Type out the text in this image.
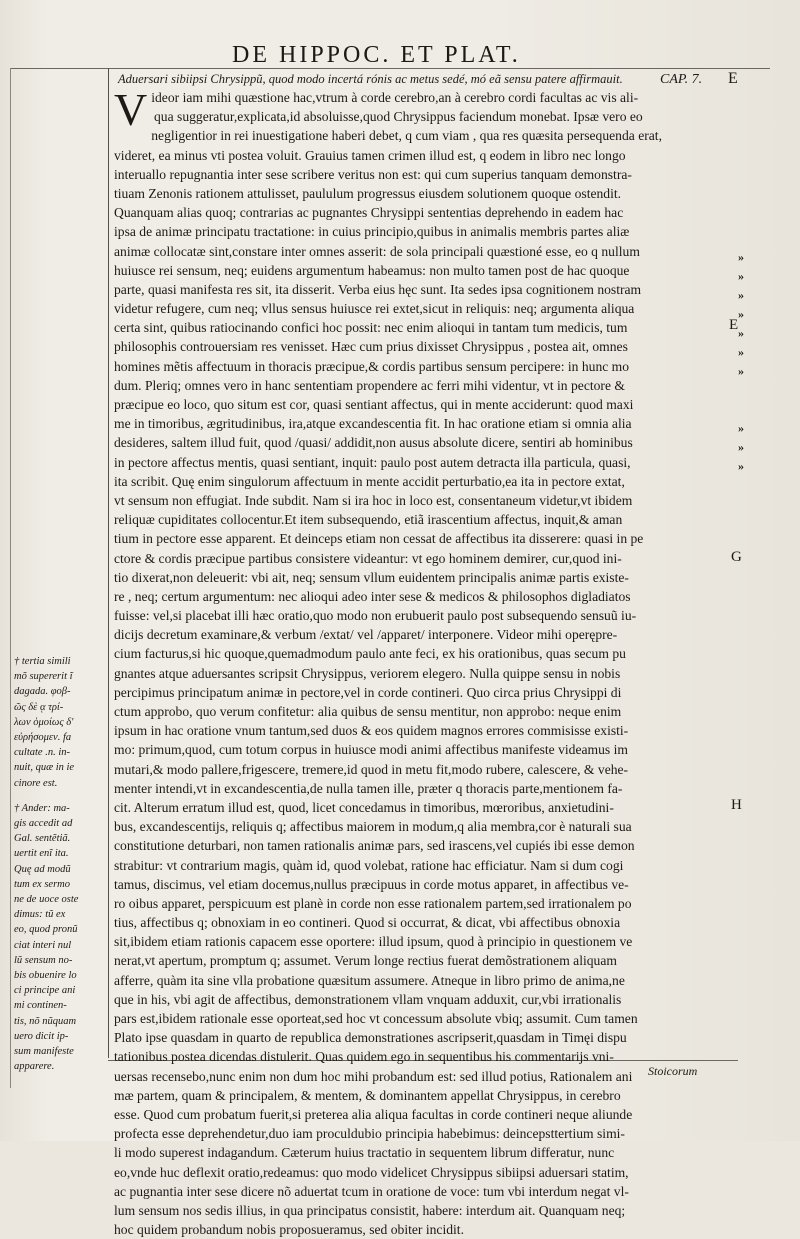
DE HIPPOC. ET PLAT.
Aduersari sibiipsi Chrysippũ, quod modo incertá rónis ac metus sedé, mó eã sensu patere affirmauit.	CAP. 7. E
Videor iam mihi quæstione hac,vtrum à corde cerebro,an à cerebro cordi facultas ac vis ali-
qua suggeratur,explicata,id absoluisse,quod Chrysippus faciendum monebat. Ipsæ vero eo
negligentior in rei inuestigatione haberi debet, q cum viam , qua res quæsita persequenda erat,
videret, ea minus vti postea voluit. Grauius tamen crimen illud est, q eodem in libro nec longo
interuallo repugnantia inter sese scribere veritus non est: qui cum superius tanquam demonstra-
tiuam Zenonis rationem attulisset, paululum progressus eiusdem solutionem quoque ostendit.
Quanquam alias quoq; contrarias ac pugnantes Chrysippi sententias deprehendo in eadem hac
ipsa de animæ principatu tractatione: in cuius principio,quibus in animalis membris partes aliæ
animæ collocatæ sint,constare inter omnes asserit: de sola principali quæstioné esse, eo q nullum
huiusce rei sensum, neq; euidens argumentum habeamus: non multo tamen post de hac quoque
parte, quasi manifesta res sit, ita disserit. Verba eius hęc sunt. Ita sedes ipsa cognitionem nostram
videtur refugere, cum neq; vllus sensus huiusce rei extet,sicut in reliquis: neq; argumenta aliqua
certa sint, quibus ratiocinando confici hoc possit: nec enim alioqui in tantam tum medicis, tum
philosophis controuersiam res venisset. Hæc cum prius dixisset Chrysippus , postea ait, omnes
homines mẽtis affectuum in thoracis præcipue,& cordis partibus sensum percipere: in hunc mo
dum. Pleriq; omnes vero in hanc sententiam propendere ac ferri mihi videntur, vt in pectore &
præcipue eo loco, quo situm est cor, quasi sentiant affectus, qui in mente acciderunt: quod maxi
me in timoribus, ægritudinibus, ira,atque excandescentia fit. In hac oratione etiam si omnia alia
desideres, saltem illud fuit, quod /quasi/ addidit,non ausus absolute dicere, sentiri ab hominibus
in pectore affectus mentis, quasi sentiant, inquit: paulo post autem detracta illa particula, quasi,
ita scribit. Quę enim singulorum affectuum in mente accidit perturbatio,ea ita in pectore extat,
vt sensum non effugiat. Inde subdit. Nam si ira hoc in loco est, consentaneum videtur,vt ibidem
reliquæ cupiditates collocentur.Et item subsequendo, etiã irascentium affectus, inquit,& aman
tium in pectore esse apparent. Et deinceps etiam non cessat de affectibus ita disserere: quasi in pe
ctore & cordis præcipue partibus consistere videantur: vt ego hominem demirer, cur,quod ini-
tio dixerat,non deleuerit: vbi ait, neq; sensum vllum euidentem principalis animæ partis existe-
re , neq; certum argumentum: nec alioqui adeo inter sese & medicos & philosophos digladiatos
fuisse: vel,si placebat illi hæc oratio,quo modo non erubuerit paulo post subsequendo sensuũ iu-
dicijs decretum examinare,& verbum /extat/ vel /apparet/ interponere. Videor mihi operępre-
cium facturus,si hic quoque,quemadmodum paulo ante feci, ex his orationibus, quas secum pu
gnantes atque aduersantes scripsit Chrysippus, veriorem elegero. Nulla quippe sensu in nobis
percipimus principatum animæ in pectore,vel in corde contineri. Quo circa prius Chrysippi di
ctum approbo, quo verum confitetur: alia quibus de sensu mentitur, non approbo: neque enim
ipsum in hac oratione vnum tantum,sed duos & eos quidem magnos errores commisisse existi-
mo: primum,quod, cum totum corpus in huiusce modi animi affectibus manifeste videamus im
mutari,& modo pallere,frigescere, tremere,id quod in metu fit,modo rubere, calescere, & vehe-
menter intendi,vt in excandescentia,de nulla tamen ille, præter q thoracis parte,mentionem fa-
cit. Alterum erratum illud est, quod, licet concedamus in timoribus, mœroribus, anxietudini-
bus, excandescentijs, reliquis q; affectibus maiorem in modum,q alia membra,cor è naturali sua
constitutione deturbari, non tamen rationalis animæ pars, sed irascens,vel cupiés ibi esse demon
strabitur: vt contrarium magis, quàm id, quod volebat, ratione hac efficiatur. Nam si dum cogi
tamus, discimus, vel etiam docemus,nullus præcipuus in corde motus apparet, in affectibus ve-
ro oibus apparet, perspicuum est planè in corde non esse rationalem partem,sed irrationalem po
tius, affectibus q; obnoxiam in eo contineri. Quod si occurrat, & dicat, vbi affectibus obnoxia
sit,ibidem etiam rationis capacem esse oportere: illud ipsum, quod à principio in questionem ve
nerat,vt apertum, promptum q; assumet. Verum longe rectius fuerat demõstrationem aliquam
afferre, quàm ita sine vlla probatione quæsitum assumere. Atneque in libro primo de anima,ne
que in his, vbi agit de affectibus, demonstrationem vllam vnquam adduxit, cur,vbi irrationalis
pars est,ibidem rationale esse oporteat,sed hoc vt concessum absolute vbiq; assumit. Cum tamen
Plato ipse quasdam in quarto de republica demonstrationes ascripserit,quasdam in Timęi dispu
tationibus postea dicendas distulerit. Quas quidem ego in sequentibus his commentarijs vni-
uersas recensebo,nunc enim non dum hoc mihi probandum est: sed illud potius, Rationalem ani
mæ partem, quam & principalem, & mentem, & dominantem appellat Chrysippus, in cerebro
esse. Quod cum probatum fuerit,si preterea alia aliqua facultas in corde contineri neque aliunde
profecta esse deprehendetur,duo iam proculdubio principia habebimus: deincepsttertium simi-
li modo superest indagandum. Cæterum huius tractatio in sequentem librum differatur, nunc
eo,vnde huc deflexit oratio,redeamus: quo modo videlicet Chrysippus sibiipsi aduersari statim,
ac pugnantia inter sese dicere nõ aduertat tcum in oratione de voce: tum vbi interdum negat vl-
lum sensum nos sedis illius, in qua principatus consistit, habere: interdum ait. Quanquam neq;
hoc quidem probandum nobis proposueramus, sed obiter incidit.
»
»
»
»
»
»
»
»
»
»
E
G
H
† tertia simili
mõ supererit ĩ
dagada. φοβ-
ῶς δὲ ᾳ τρί-
λων ὁμοίως δ'
εὐρήσομεν. fa
cultate .n. in-
nuit, quæ in ie
cinore est.
† Ander: ma-
gis accedit ad
Gal. sentẽtiã.
uertit enĩ ita.
Quę ad modũ
tum ex sermo
ne de uoce oste
dimus: tũ ex
eo, quod pronũ
ciat interi nul
lũ sensum no-
bis obuenire lo
ci principe ani
mi continen-
tis, nõ nũquam
uero dicit ip-
sum manifeste
apparere.	Stoicorum
